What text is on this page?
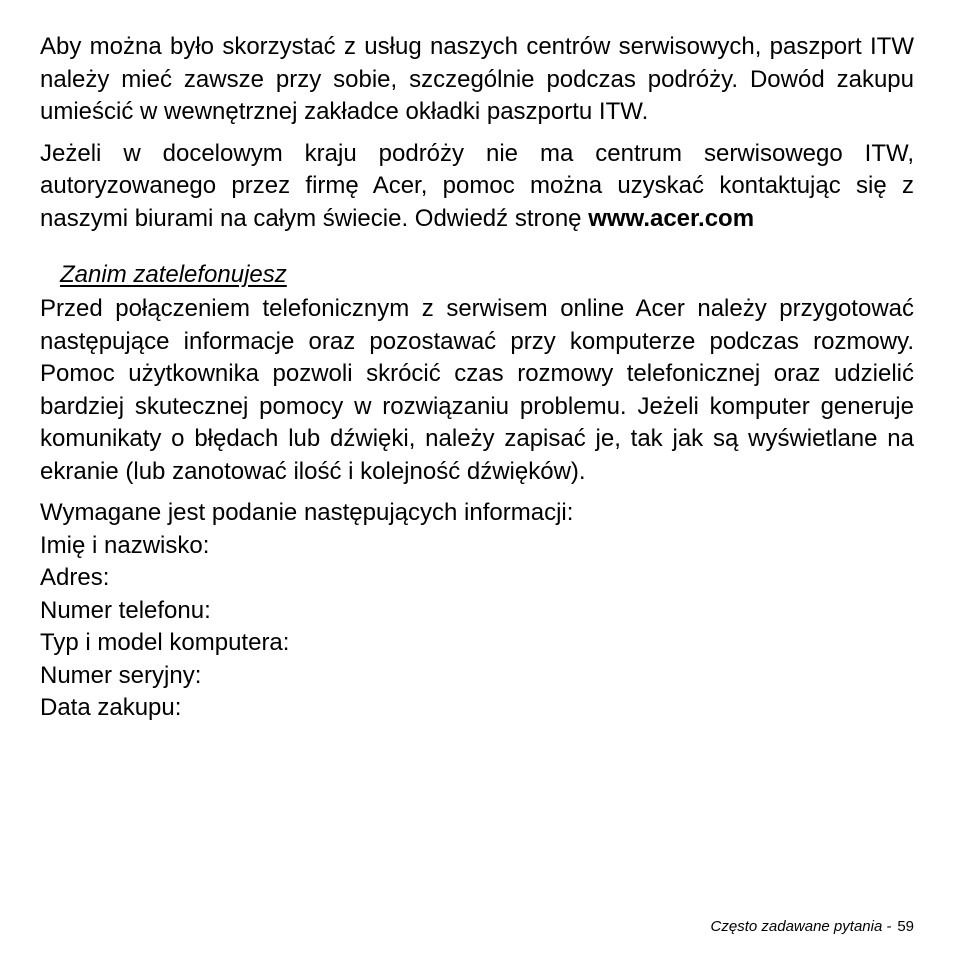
Aby można było skorzystać z usług naszych centrów serwisowych, paszport ITW należy mieć zawsze przy sobie, szczególnie podczas podróży. Dowód zakupu umieścić w wewnętrznej zakładce okładki paszportu ITW.

Jeżeli w docelowym kraju podróży nie ma centrum serwisowego ITW, autoryzowanego przez firmę Acer, pomoc można uzyskać kontaktując się z naszymi biurami na całym świecie. Odwiedź stronę www.acer.com

Zanim zatelefonujesz

Przed połączeniem telefonicznym z serwisem online Acer należy przygotować następujące informacje oraz pozostawać przy komputerze podczas rozmowy. Pomoc użytkownika pozwoli skrócić czas rozmowy telefonicznej oraz udzielić bardziej skutecznej pomocy w rozwiązaniu problemu. Jeżeli komputer generuje komunikaty o błędach lub dźwięki, należy zapisać je, tak jak są wyświetlane na ekranie (lub zanotować ilość i kolejność dźwięków).

Wymagane jest podanie następujących informacji:

Imię i nazwisko:
Adres:
Numer telefonu:
Typ i model komputera:
Numer seryjny:
Data zakupu:
Często zadawane pytania - 59
